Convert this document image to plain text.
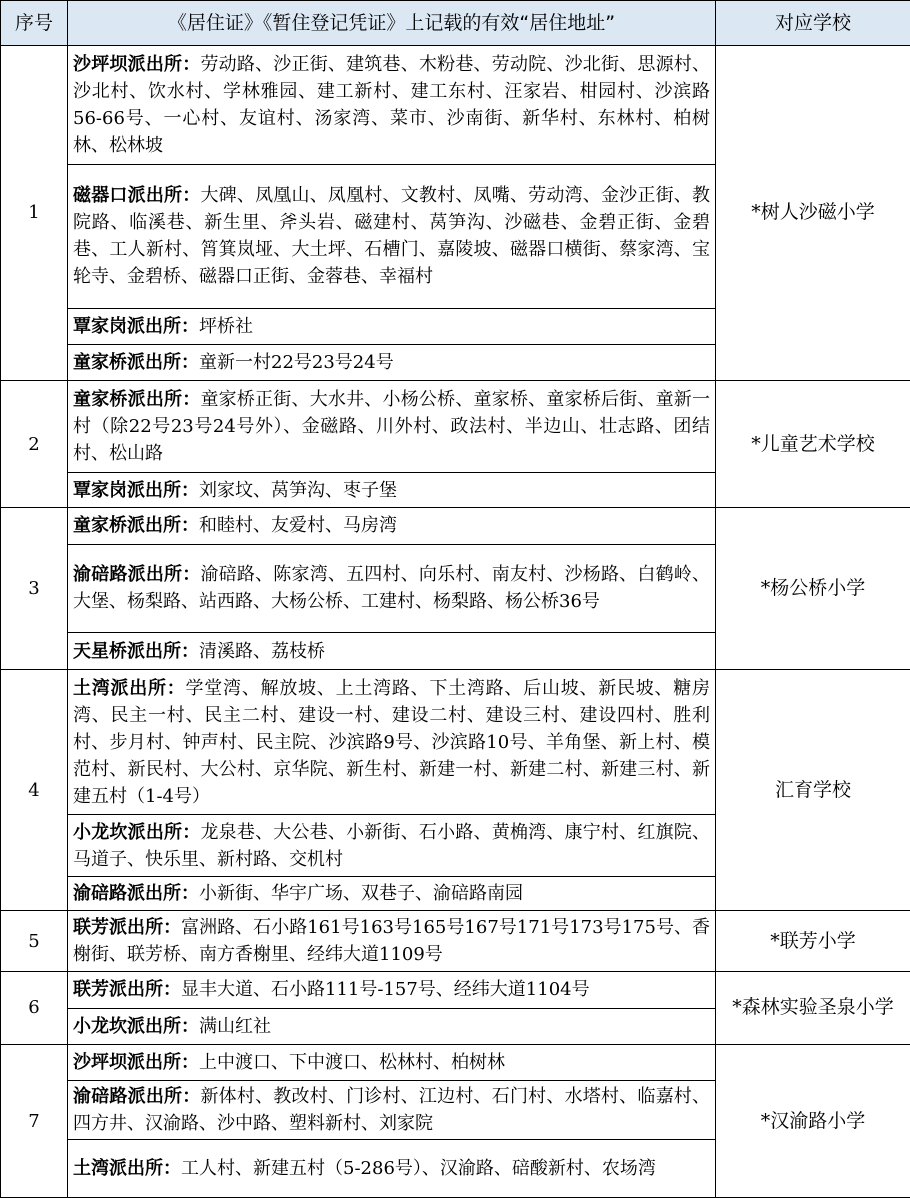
序号	《居住证》《暂住登记凭证》上记载的有效“居住地址”	对应学校
1	沙坪坝派出所：劳动路、沙正街、建筑巷、木粉巷、劳动院、沙北街、思源村、沙北村、饮水村、学林雅园、建工新村、建工东村、汪家岩、柑园村、沙滨路56-66号、一心村、友谊村、汤家湾、菜市、沙南街、新华村、东林村、柏树林、松林坡	*树人沙磁小学
	磁器口派出所：大碑、凤凰山、凤凰村、文教村、凤嘴、劳动湾、金沙正街、教院路、临溪巷、新生里、斧头岩、磁建村、莴笋沟、沙磁巷、金碧正街、金碧巷、工人新村、筲箕岚垭、大土坪、石槽门、嘉陵坡、磁器口横街、蔡家湾、宝轮寺、金碧桥、磁器口正街、金蓉巷、幸福村	
	覃家岗派出所：坪桥社	
	童家桥派出所：童新一村22号23号24号	
2	童家桥派出所：童家桥正街、大水井、小杨公桥、童家桥、童家桥后街、童新一村（除22号23号24号外）、金磁路、川外村、政法村、半边山、壮志路、团结村、松山路	*儿童艺术学校
	覃家岗派出所：刘家坟、莴笋沟、枣子堡	
3	童家桥派出所：和睦村、友爱村、马房湾	*杨公桥小学
	渝碚路派出所：渝碚路、陈家湾、五四村、向乐村、南友村、沙杨路、白鹤岭、大堡、杨梨路、站西路、大杨公桥、工建村、杨梨路、杨公桥36号	
	天星桥派出所：清溪路、荔枝桥	
4	土湾派出所：学堂湾、解放坡、上土湾路、下土湾路、后山坡、新民坡、糖房湾、民主一村、民主二村、建设一村、建设二村、建设三村、建设四村、胜利村、步月村、钟声村、民主院、沙滨路9号、沙滨路10号、羊角堡、新上村、模范村、新民村、大公村、京华院、新生村、新建一村、新建二村、新建三村、新建五村（1-4号）	汇育学校
	小龙坎派出所：龙泉巷、大公巷、小新街、石小路、黄桷湾、康宁村、红旗院、马道子、快乐里、新村路、交机村	
	渝碚路派出所：小新街、华宇广场、双巷子、渝碚路南园	
5	联芳派出所：富洲路、石小路161号163号165号167号171号173号175号、香榭街、联芳桥、南方香榭里、经纬大道1109号	*联芳小学
6	联芳派出所：显丰大道、石小路111号-157号、经纬大道1104号	*森林实验圣泉小学
	小龙坎派出所：满山红社	
7	沙坪坝派出所：上中渡口、下中渡口、松林村、柏树林	*汉渝路小学
	渝碚路派出所：新体村、教改村、门诊村、江边村、石门村、水塔村、临嘉村、四方井、汉渝路、沙中路、塑料新村、刘家院	
	土湾派出所：工人村、新建五村（5-286号）、汉渝路、碚酸新村、农场湾	
